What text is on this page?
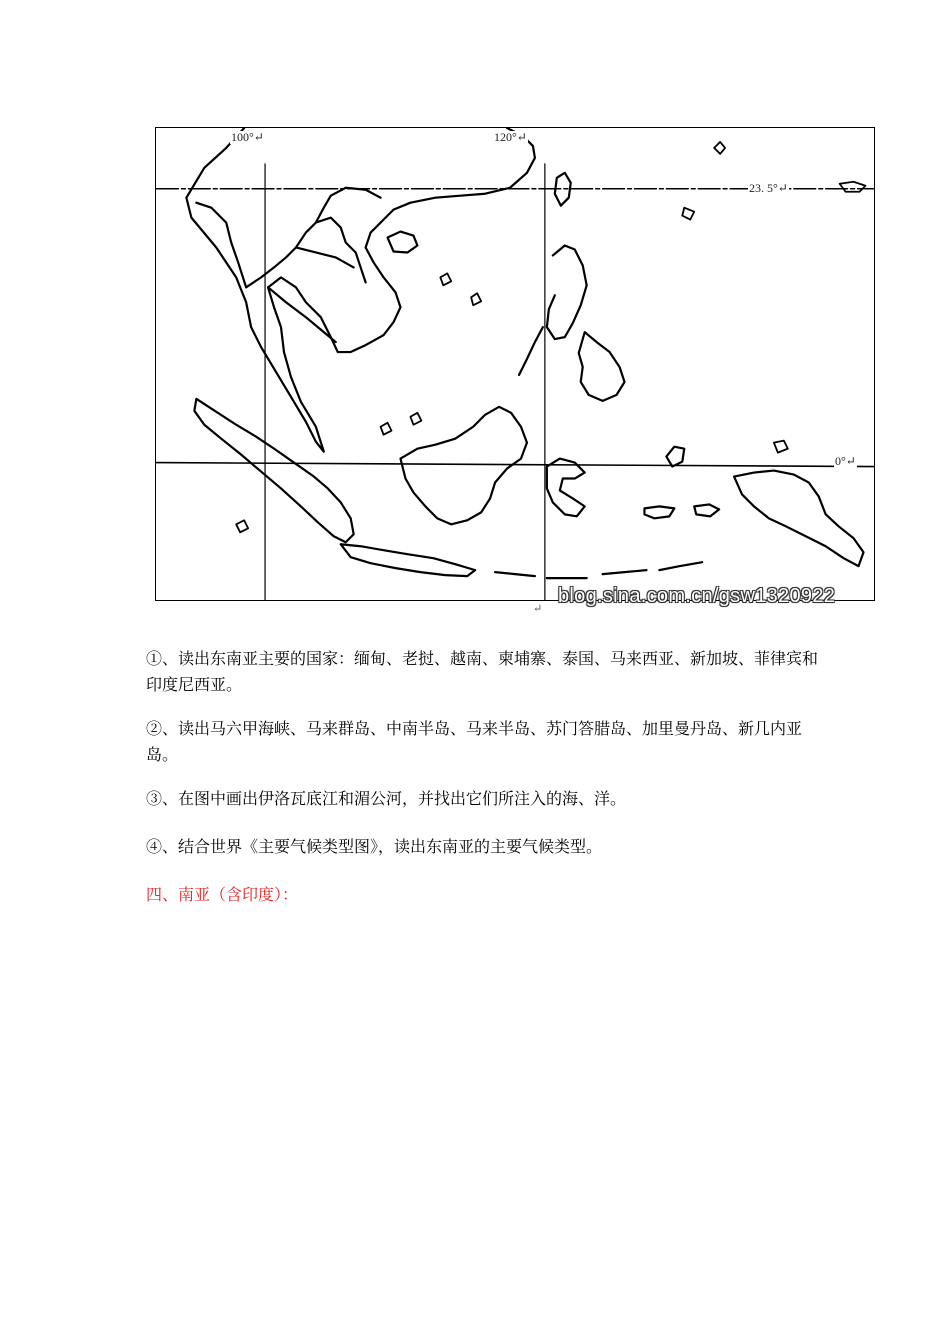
100°↵	120°↵
23. 5°↵
0°↵
blog.sina.com.cn/gsw1320922
↵
①、读出东南亚主要的国家：缅甸、老挝、越南、柬埔寨、泰国、马来西亚、新加坡、菲律宾和印度尼西亚。
②、读出马六甲海峡、马来群岛、中南半岛、马来半岛、苏门答腊岛、加里曼丹岛、新几内亚岛。
③、在图中画出伊洛瓦底江和湄公河，并找出它们所注入的海、洋。
④、结合世界《主要气候类型图》，读出东南亚的主要气候类型。
四、南亚（含印度）：
